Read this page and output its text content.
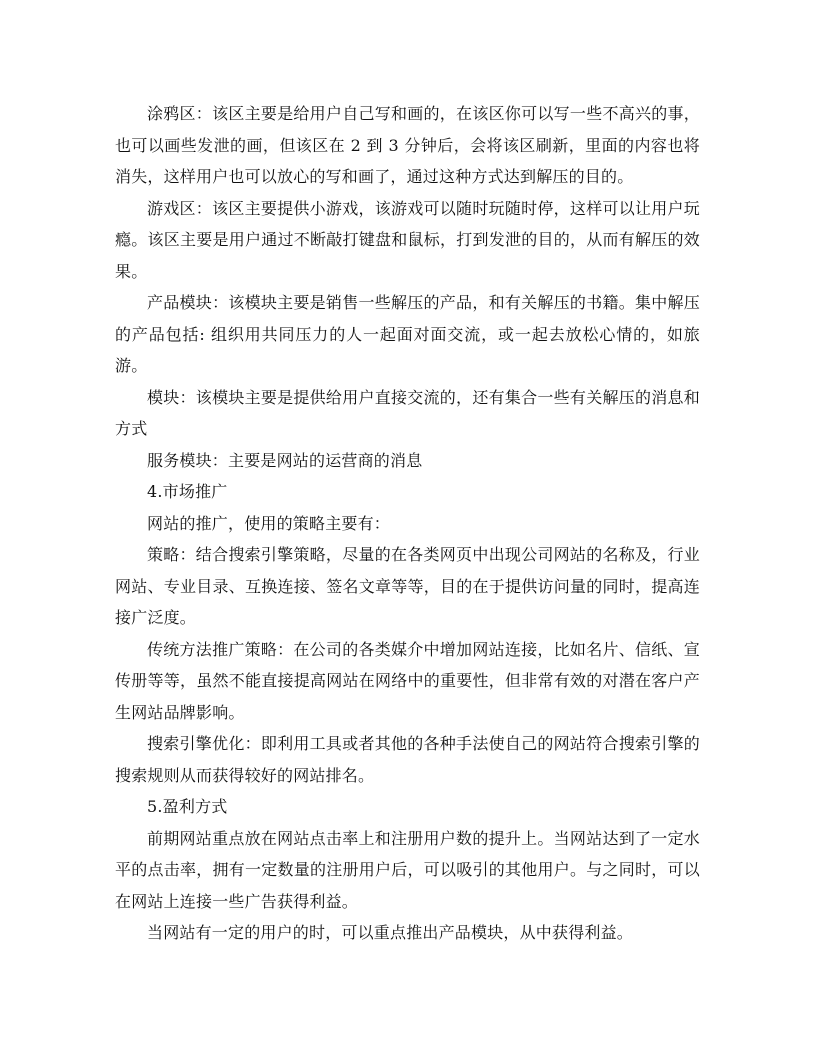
涂鸦区：该区主要是给用户自己写和画的，在该区你可以写一些不高兴的事，也可以画些发泄的画，但该区在 2 到 3 分钟后，会将该区刷新，里面的内容也将消失，这样用户也可以放心的写和画了，通过这种方式达到解压的目的。

游戏区：该区主要提供小游戏，该游戏可以随时玩随时停，这样可以让用户玩瘾。该区主要是用户通过不断敲打键盘和鼠标，打到发泄的目的，从而有解压的效果。

产品模块：该模块主要是销售一些解压的产品，和有关解压的书籍。集中解压的产品包括: 组织用共同压力的人一起面对面交流，或一起去放松心情的，如旅游。

模块：该模块主要是提供给用户直接交流的，还有集合一些有关解压的消息和方式

服务模块：主要是网站的运营商的消息

4.市场推广

网站的推广，使用的策略主要有：

策略：结合搜索引擎策略，尽量的在各类网页中出现公司网站的名称及，行业网站、专业目录、互换连接、签名文章等等，目的在于提供访问量的同时，提高连接广泛度。

传统方法推广策略：在公司的各类媒介中增加网站连接，比如名片、信纸、宣传册等等，虽然不能直接提高网站在网络中的重要性，但非常有效的对潜在客户产生网站品牌影响。

搜索引擎优化：即利用工具或者其他的各种手法使自己的网站符合搜索引擎的搜索规则从而获得较好的网站排名。

5.盈利方式

前期网站重点放在网站点击率上和注册用户数的提升上。当网站达到了一定水平的点击率，拥有一定数量的注册用户后，可以吸引的其他用户。与之同时，可以在网站上连接一些广告获得利益。

当网站有一定的用户的时，可以重点推出产品模块，从中获得利益。
